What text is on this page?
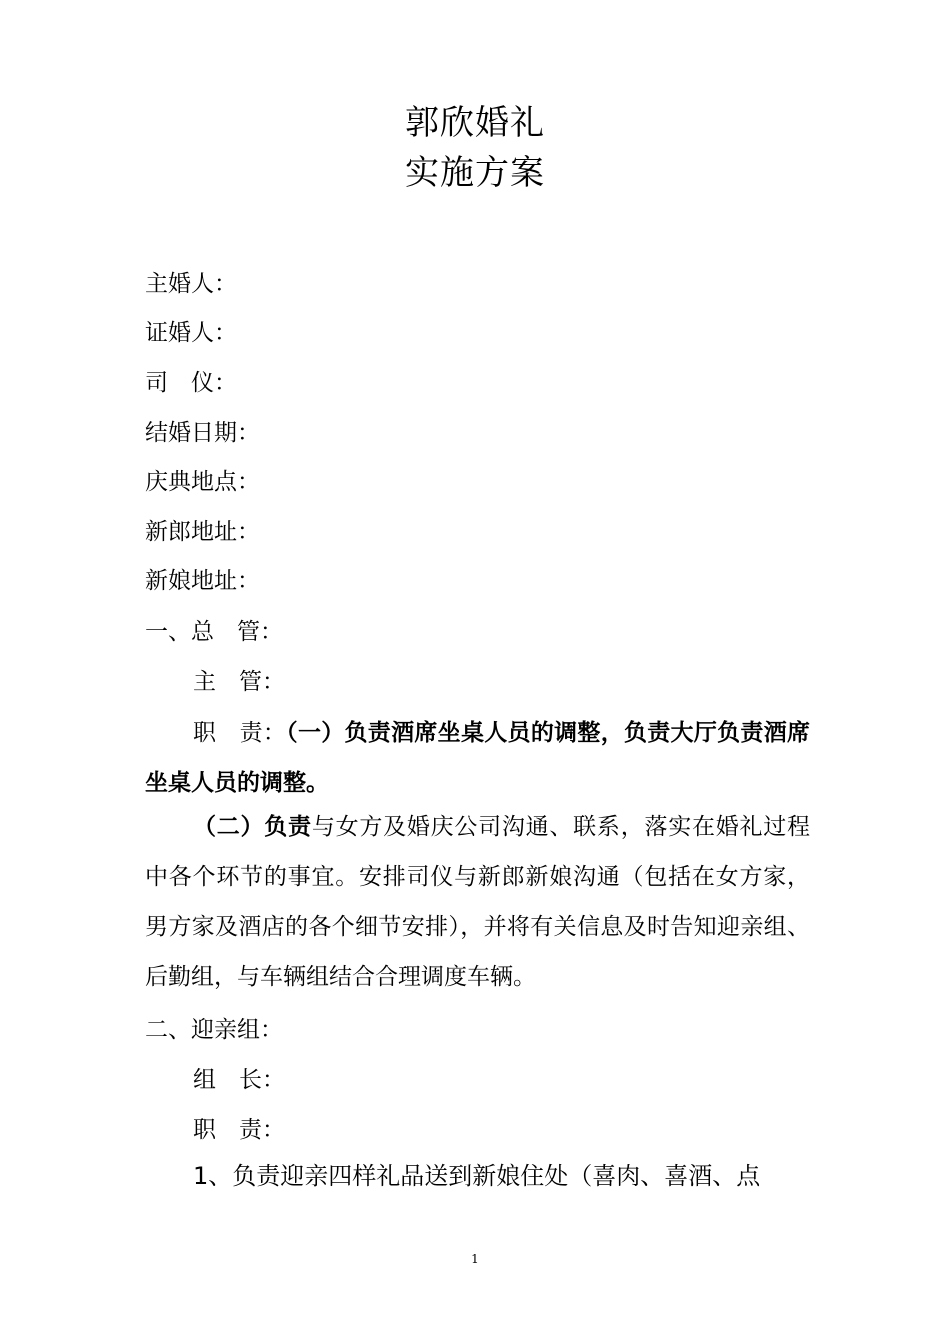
郭欣婚礼
实施方案
主婚人：
证婚人：
司　仪：
结婚日期：
庆典地点：
新郎地址：
新娘地址：
一、总　管：
主　管：
职　责：（一）负责酒席坐桌人员的调整，负责大厅负责酒席坐桌人员的调整。
（二）负责与女方及婚庆公司沟通、联系，落实在婚礼过程中各个环节的事宜。安排司仪与新郎新娘沟通（包括在女方家，男方家及酒店的各个细节安排），并将有关信息及时告知迎亲组、后勤组，与车辆组结合合理调度车辆。
二、迎亲组：
组　长：
职　责：
1、负责迎亲四样礼品送到新娘住处（喜肉、喜酒、点
1
